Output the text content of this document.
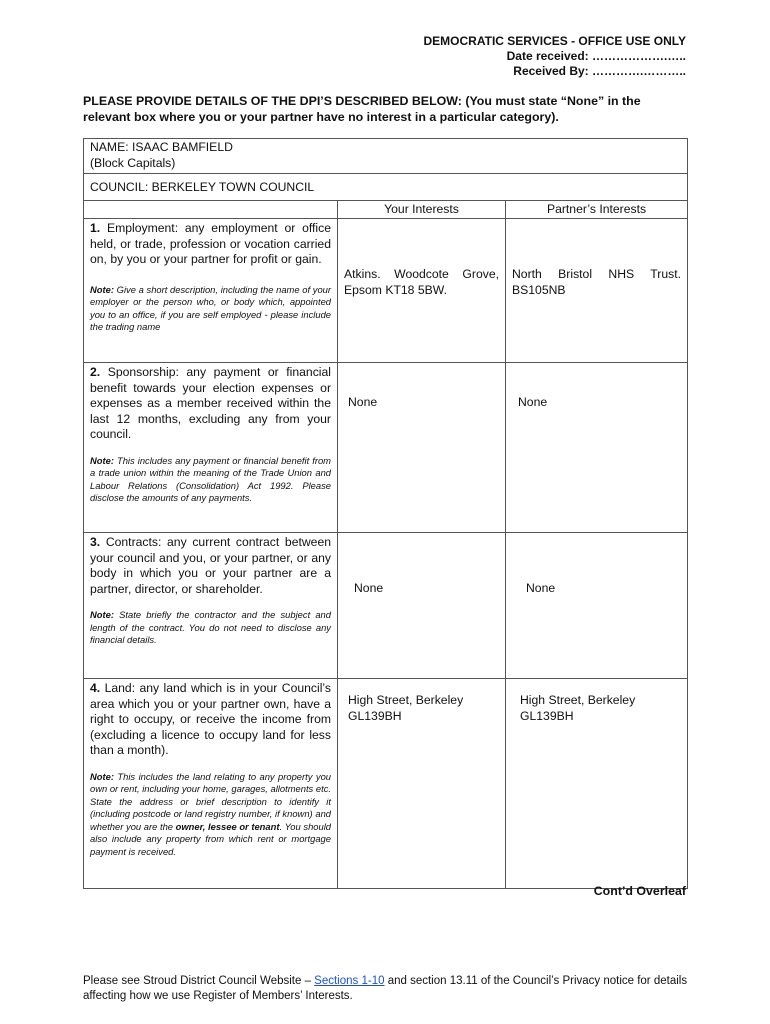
DEMOCRATIC SERVICES - OFFICE USE ONLY
Date received: ……………….…..
Received By: ………….………..
PLEASE PROVIDE DETAILS OF THE DPI’S DESCRIBED BELOW: (You must state “None” in the relevant box where you or your partner have no interest in a particular category).
NAME: ISAAC BAMFIELD
(Block Capitals)		

COUNCIL: BERKELEY TOWN COUNCIL		
	Your Interests	Partner’s Interests

1. Employment: any employment or office held, or trade, profession or vocation carried on, by you or your partner for profit or gain.
Note: Give a short description, including the name of your employer or the person who, or body which, appointed you to an office, if you are self employed - please include the trading name	Atkins. Woodcote Grove, Epsom KT18 5BW.	North Bristol NHS Trust. BS105NB

2. Sponsorship: any payment or financial benefit towards your election expenses or expenses as a member received within the last 12 months, excluding any from your council.
Note: This includes any payment or financial benefit from a trade union within the meaning of the Trade Union and Labour Relations (Consolidation) Act 1992. Please disclose the amounts of any payments.	None	None

3. Contracts: any current contract between your council and you, or your partner, or any body in which you or your partner are a partner, director, or shareholder.
Note: State briefly the contractor and the subject and length of the contract. You do not need to disclose any financial details.	None	None

4. Land: any land which is in your Council’s area which you or your partner own, have a right to occupy, or receive the income from (excluding a licence to occupy land for less than a month).
Note: This includes the land relating to any property you own or rent, including your home, garages, allotments etc. State the address or brief description to identify it (including postcode or land registry number, if known) and whether you are the owner, lessee or tenant. You should also include any property from which rent or mortgage payment is received.	High Street, Berkeley GL139BH	High Street, Berkeley GL139BH
Cont’d Overleaf
Please see Stroud District Council Website – Sections 1-10 and section 13.11 of the Council’s Privacy notice for details affecting how we use Register of Members’ Interests.
